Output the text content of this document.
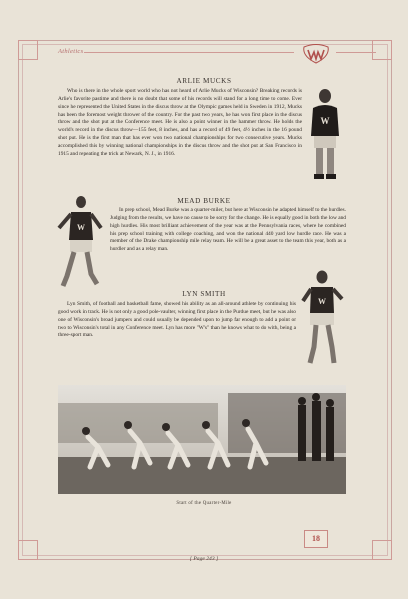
Athletics
ARLIE MUCKS
Who is there in the whole sport world who has not heard of Arlie Mucks of Wisconsin? Breaking records is Arlie's favorite pastime and there is no doubt that some of his records will stand for a long time to come. Ever since he represented the United States in the discus throw at the Olympic games held in Sweden in 1912, Mucks has been the foremost weight thrower of the country. For the past two years, he has won first place in the discus throw and the shot put at the Conference meet. He is also a point winner in the hammer throw. He holds the world's record in the discus throw—155 feet, 8 inches, and has a record of 49 feet, 4½ inches in the 16 pound shot put. He is the first man that has ever won two national championships for two consecutive years. Mucks accomplished this by winning national championships in the discus throw and the shot put at San Francisco in 1915 and repeating the trick at Newark, N. J., in 1916.
W
MEAD BURKE
W
In prep school, Mead Burke was a quarter-miler, but here at Wisconsin he adapted himself to the hurdles. Judging from the results, we have no cause to be sorry for the change. He is equally good in both the low and high hurdles. His most brilliant achievement of the year was at the Pennsylvania races, where he combined his prep school training with college coaching, and won the national 440 yard low hurdle race. He was a member of the Drake championship mile relay team. He will be a great asset to the team this year, both as a hurdler and as a relay man.
LYN SMITH
Lyn Smith, of football and basketball fame, showed his ability as an all-around athlete by continuing his good work in track. He is not only a good pole-vaulter, winning first place in the Purdue meet, but he was also one of Wisconsin's broad jumpers and could usually be depended upon to jump far enough to add a point or two to Wisconsin's total in any Conference meet. Lyn has more "W's" than he knows what to do with, being a three-sport man.
W
Start of the Quarter-Mile
18
[ Page 243 ]
